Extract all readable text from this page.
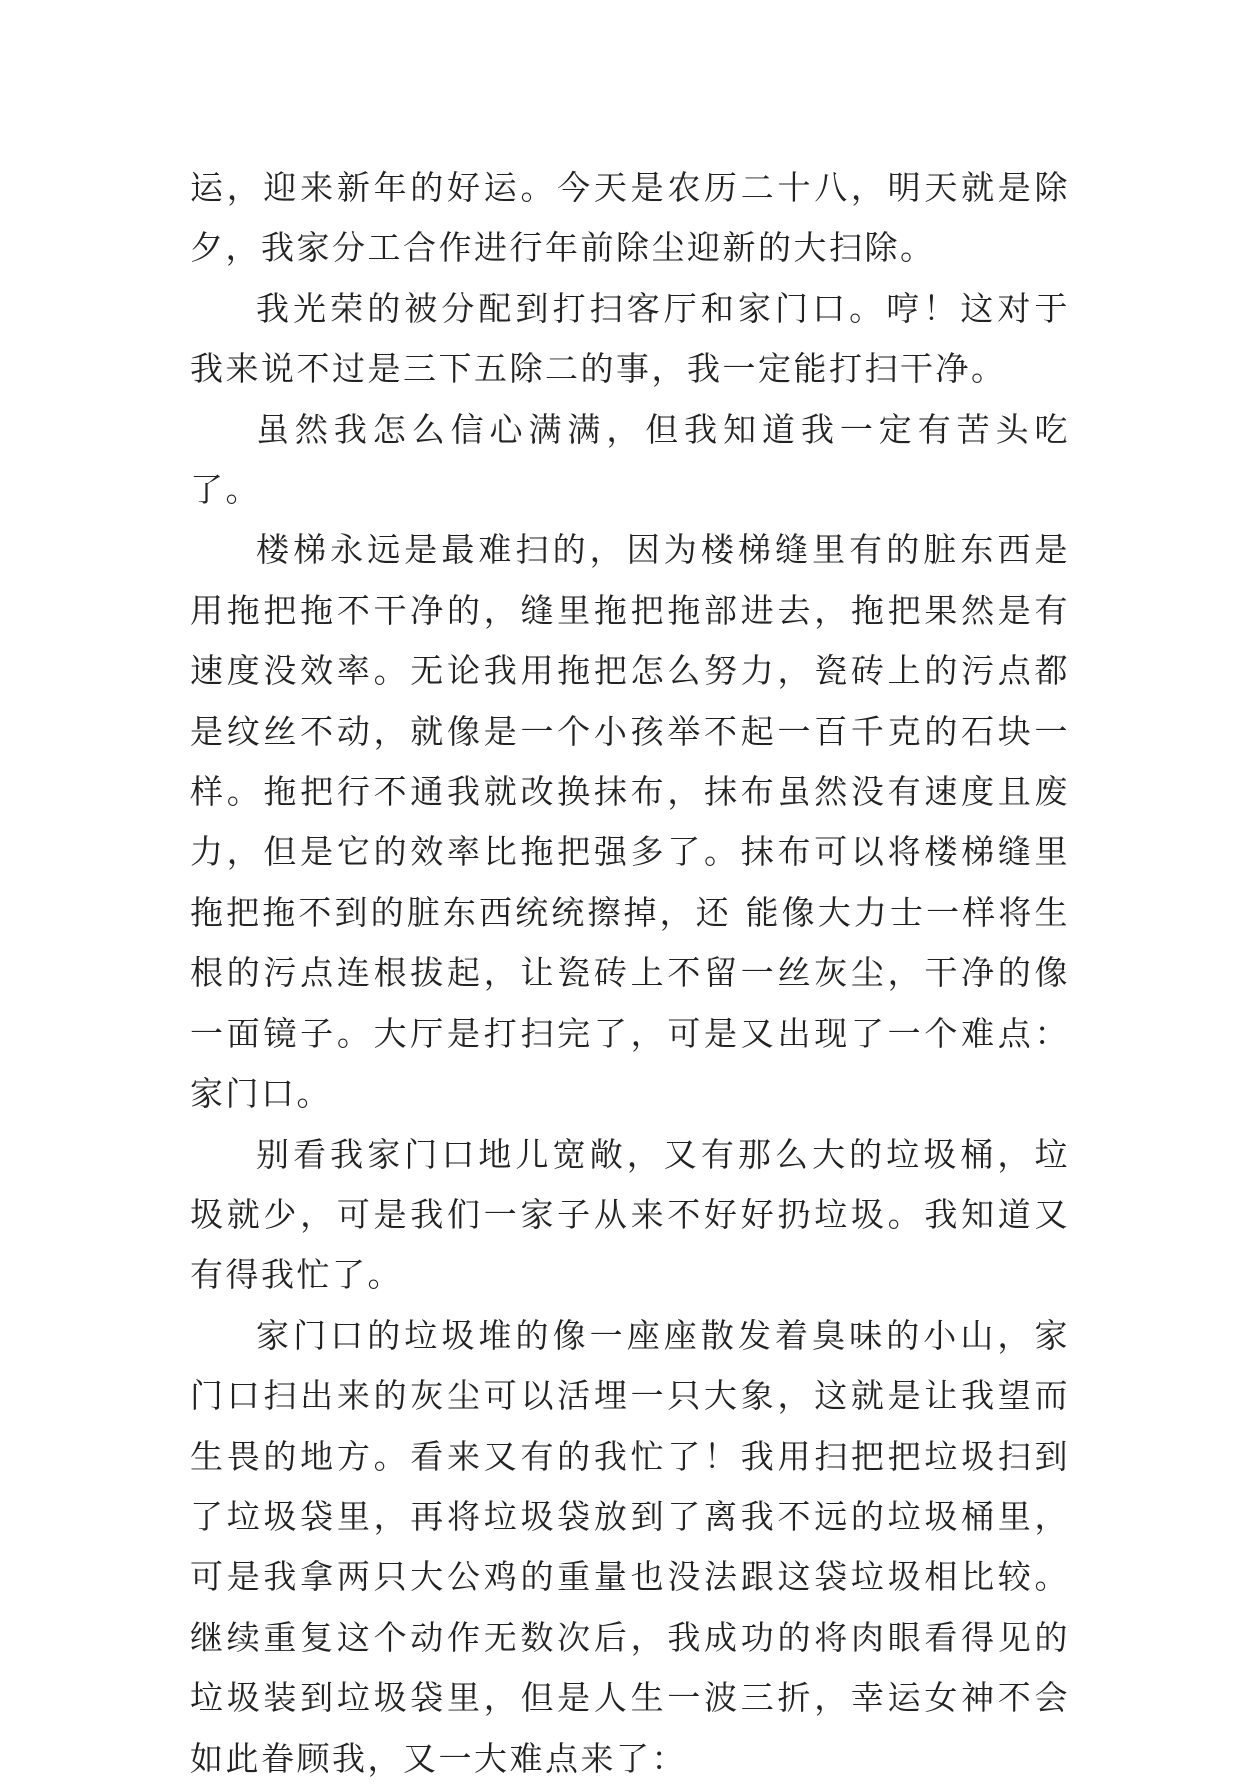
运，迎来新年的好运。今天是农历二十八，明天就是除夕，我家分工合作进行年前除尘迎新的大扫除。

我光荣的被分配到打扫客厅和家门口。哼！这对于我来说不过是三下五除二的事，我一定能打扫干净。

虽然我怎么信心满满，但我知道我一定有苦头吃了。

楼梯永远是最难扫的，因为楼梯缝里有的脏东西是用拖把拖不干净的，缝里拖把拖部进去，拖把果然是有速度没效率。无论我用拖把怎么努力，瓷砖上的污点都是纹丝不动，就像是一个小孩举不起一百千克的石块一样。拖把行不通我就改换抹布，抹布虽然没有速度且废力，但是它的效率比拖把强多了。抹布可以将楼梯缝里拖把拖不到的脏东西统统擦掉，还 能像大力士一样将生根的污点连根拔起，让瓷砖上不留一丝灰尘，干净的像一面镜子。大厅是打扫完了，可是又出现了一个难点：家门口。

别看我家门口地儿宽敞，又有那么大的垃圾桶，垃圾就少，可是我们一家子从来不好好扔垃圾。我知道又有得我忙了。

家门口的垃圾堆的像一座座散发着臭味的小山，家门口扫出来的灰尘可以活埋一只大象，这就是让我望而生畏的地方。看来又有的我忙了！我用扫把把垃圾扫到了垃圾袋里，再将垃圾袋放到了离我不远的垃圾桶里，可是我拿两只大公鸡的重量也没法跟这袋垃圾相比较。继续重复这个动作无数次后，我成功的将肉眼看得见的垃圾装到垃圾袋里，但是人生一波三折，幸运女神不会如此眷顾我，又一大难点来了：
